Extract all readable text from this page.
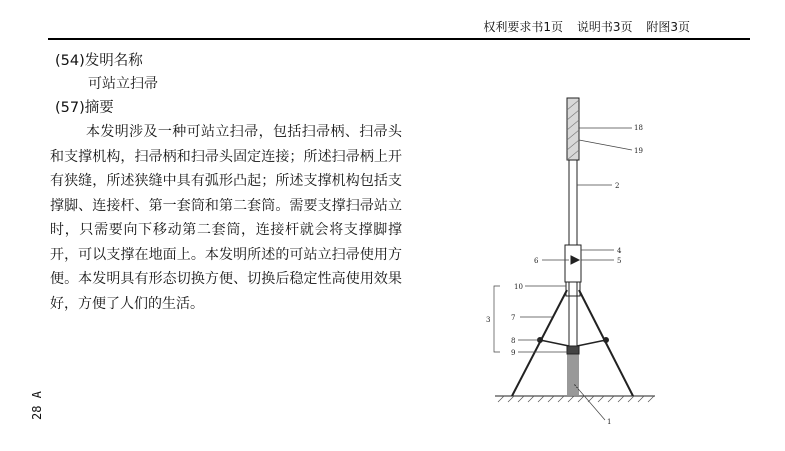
权利要求书1页 说明书3页 附图3页
(54)发明名称
可站立扫帚
(57)摘要
本发明涉及一种可站立扫帚，包括扫帚柄、扫帚头和支撑机构，扫帚柄和扫帚头固定连接；所述扫帚柄上开有狭缝，所述狭缝中具有弧形凸起；所述支撑机构包括支撑脚、连接杆、第一套筒和第二套筒。需要支撑扫帚站立时，只需要向下移动第二套筒，连接杆就会将支撑脚撑开，可以支撑在地面上。本发明所述的可站立扫帚使用方便。本发明具有形态切换方便、切换后稳定性高使用效果好，方便了人们的生活。
28 A
18
19
2
4
5
6
10
3	7
8
9
1
